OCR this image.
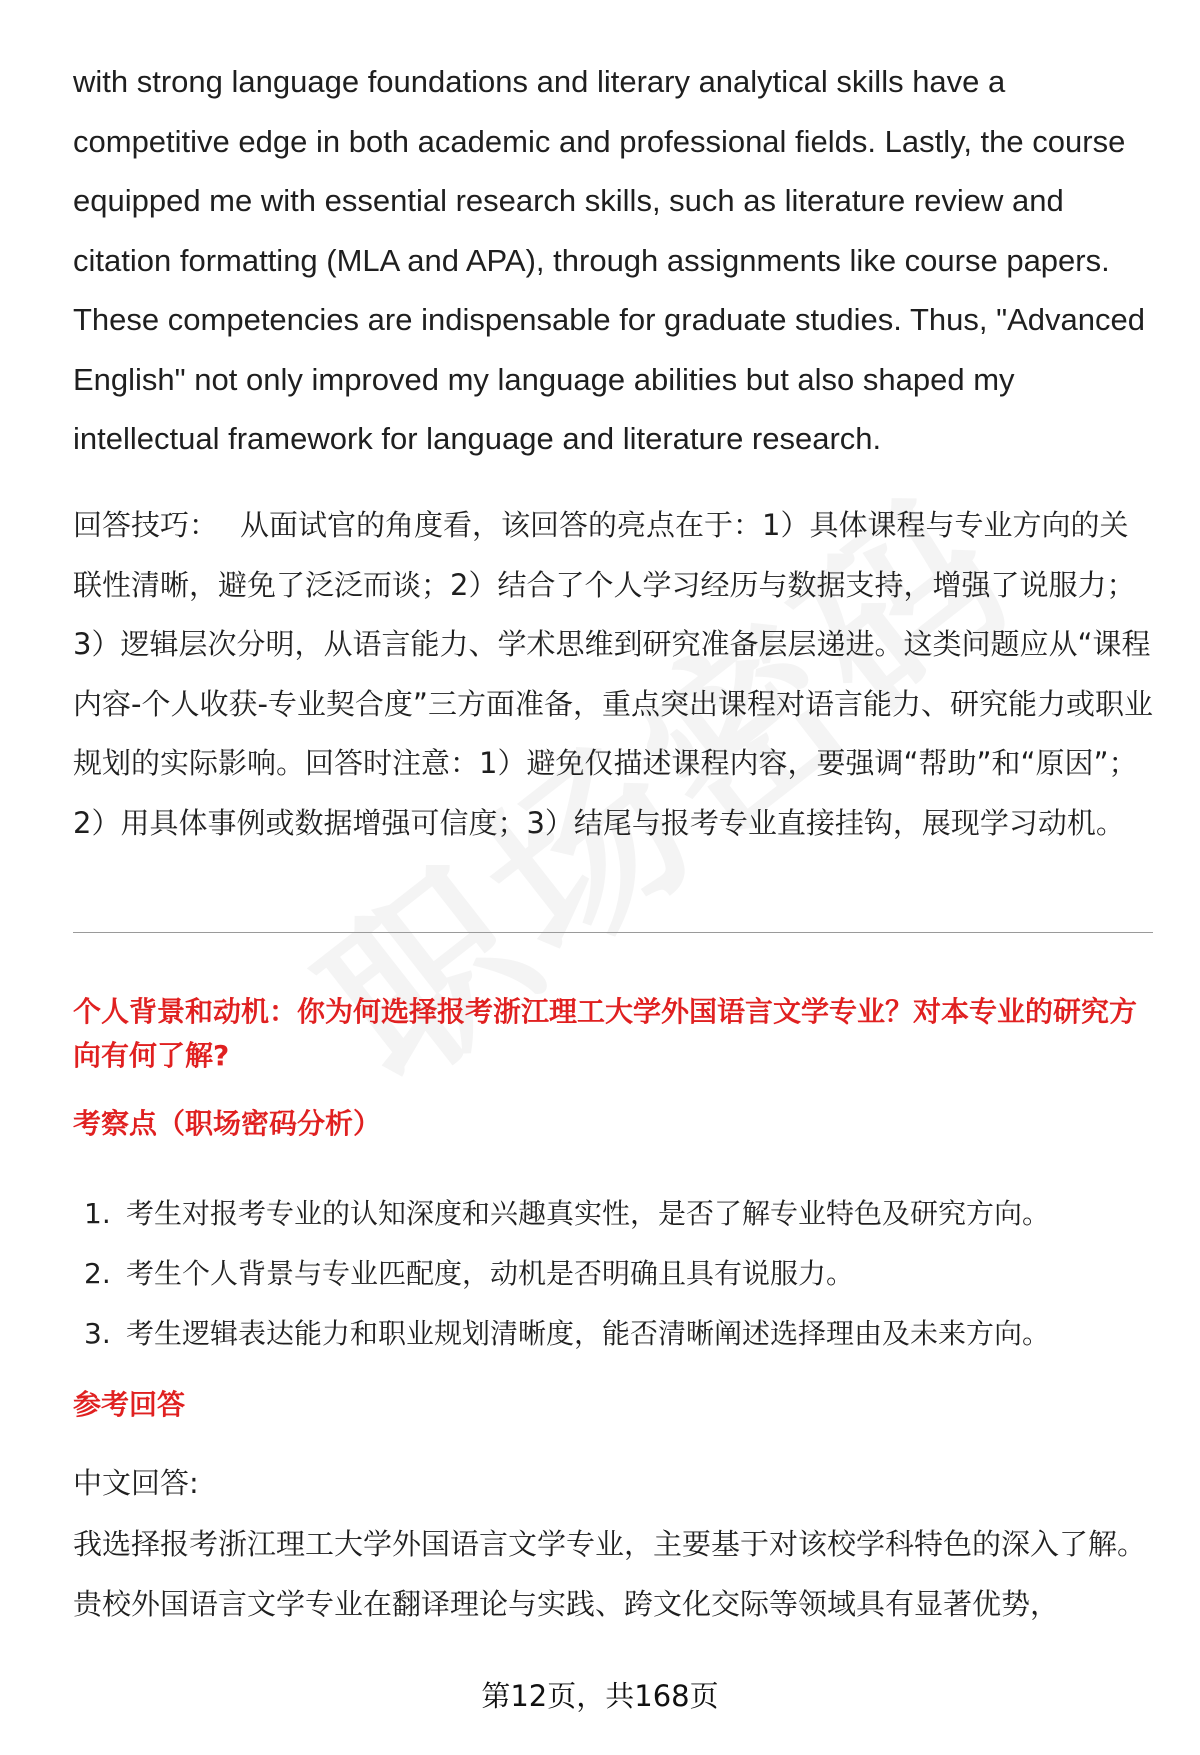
with strong language foundations and literary analytical skills have a competitive edge in both academic and professional fields. Lastly, the course equipped me with essential research skills, such as literature review and citation formatting (MLA and APA), through assignments like course papers. These competencies are indispensable for graduate studies. Thus, "Advanced English" not only improved my language abilities but also shaped my intellectual framework for language and literature research.

回答技巧： 从面试官的角度看，该回答的亮点在于：1）具体课程与专业方向的关联性清晰，避免了泛泛而谈；2）结合了个人学习经历与数据支持，增强了说服力；3）逻辑层次分明，从语言能力、学术思维到研究准备层层递进。这类问题应从“课程内容-个人收获-专业契合度”三方面准备，重点突出课程对语言能力、研究能力或职业规划的实际影响。回答时注意：1）避免仅描述课程内容，要强调“帮助”和“原因”；2）用具体事例或数据增强可信度；3）结尾与报考专业直接挂钩，展现学习动机。

个人背景和动机：你为何选择报考浙江理工大学外国语言文学专业？对本专业的研究方向有何了解?

考察点（职场密码分析）

1. 考生对报考专业的认知深度和兴趣真实性，是否了解专业特色及研究方向。
2. 考生个人背景与专业匹配度，动机是否明确且具有说服力。
3. 考生逻辑表达能力和职业规划清晰度，能否清晰阐述选择理由及未来方向。

参考回答

中文回答:

我选择报考浙江理工大学外国语言文学专业，主要基于对该校学科特色的深入了解。贵校外国语言文学专业在翻译理论与实践、跨文化交际等领域具有显著优势，

第12页，共168页
